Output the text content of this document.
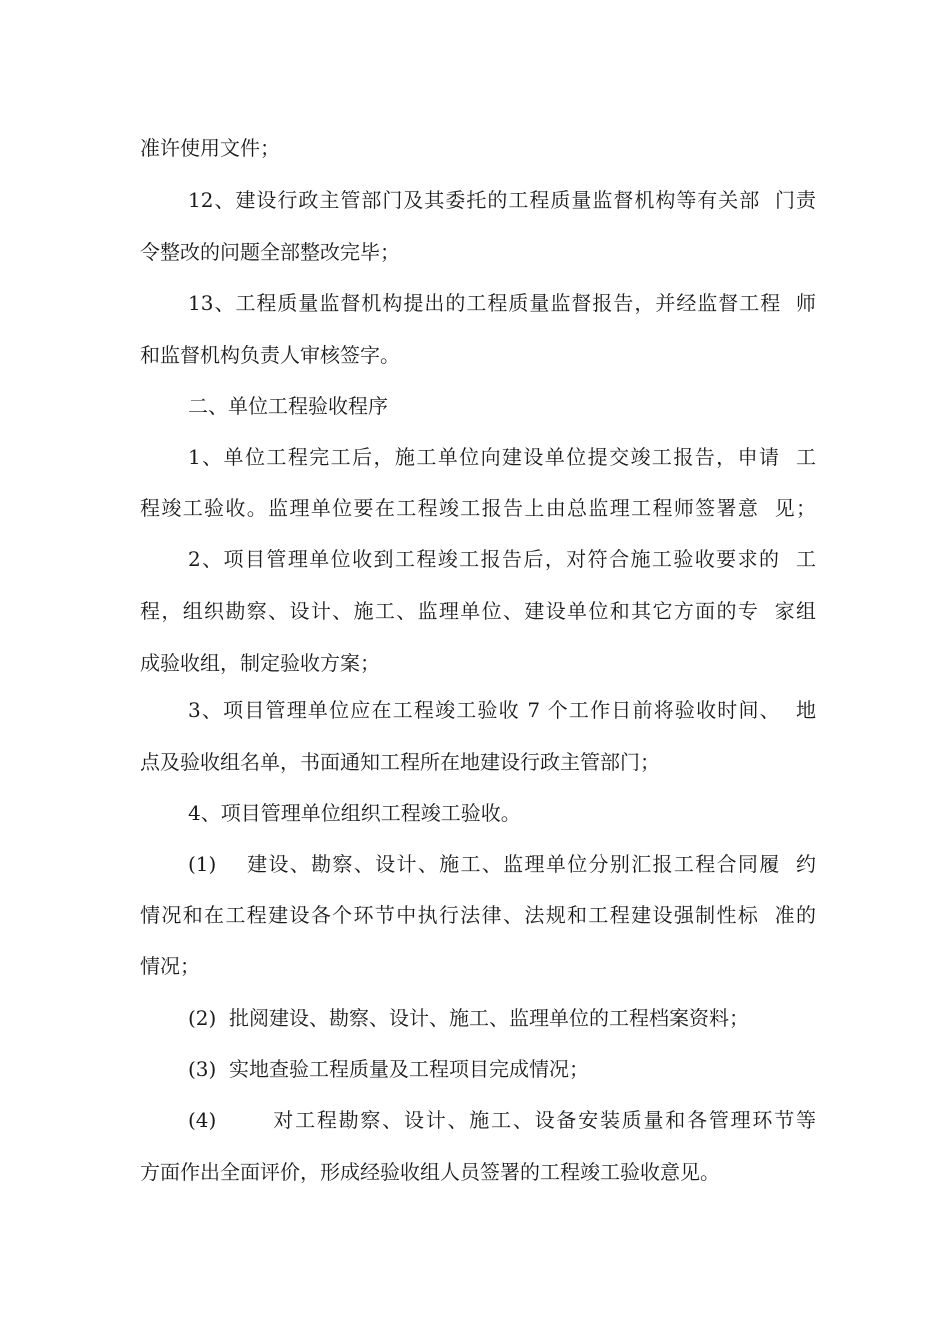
准许使用文件；

12、建设行政主管部门及其委托的工程质量监督机构等有关部  门责

令整改的问题全部整改完毕；

13、工程质量监督机构提出的工程质量监督报告，并经监督工程  师

和监督机构负责人审核签字。

二、单位工程验收程序

1、单位工程完工后，施工单位向建设单位提交竣工报告，申请  工

程竣工验收。监理单位要在工程竣工报告上由总监理工程师签署意  见；

2、项目管理单位收到工程竣工报告后，对符合施工验收要求的  工

程，组织勘察、设计、施工、监理单位、建设单位和其它方面的专  家组

成验收组，制定验收方案；

3、项目管理单位应在工程竣工验收 7 个工作日前将验收时间、  地

点及验收组名单，书面通知工程所在地建设行政主管部门；

4、项目管理单位组织工程竣工验收。

(1)    建设、勘察、设计、施工、监理单位分别汇报工程合同履  约

情况和在工程建设各个环节中执行法律、法规和工程建设强制性标  准的

情况；

(2)  批阅建设、勘察、设计、施工、监理单位的工程档案资料；

(3)  实地查验工程质量及工程项目完成情况；

(4)       对工程勘察、设计、施工、设备安装质量和各管理环节等

方面作出全面评价，形成经验收组人员签署的工程竣工验收意见。
